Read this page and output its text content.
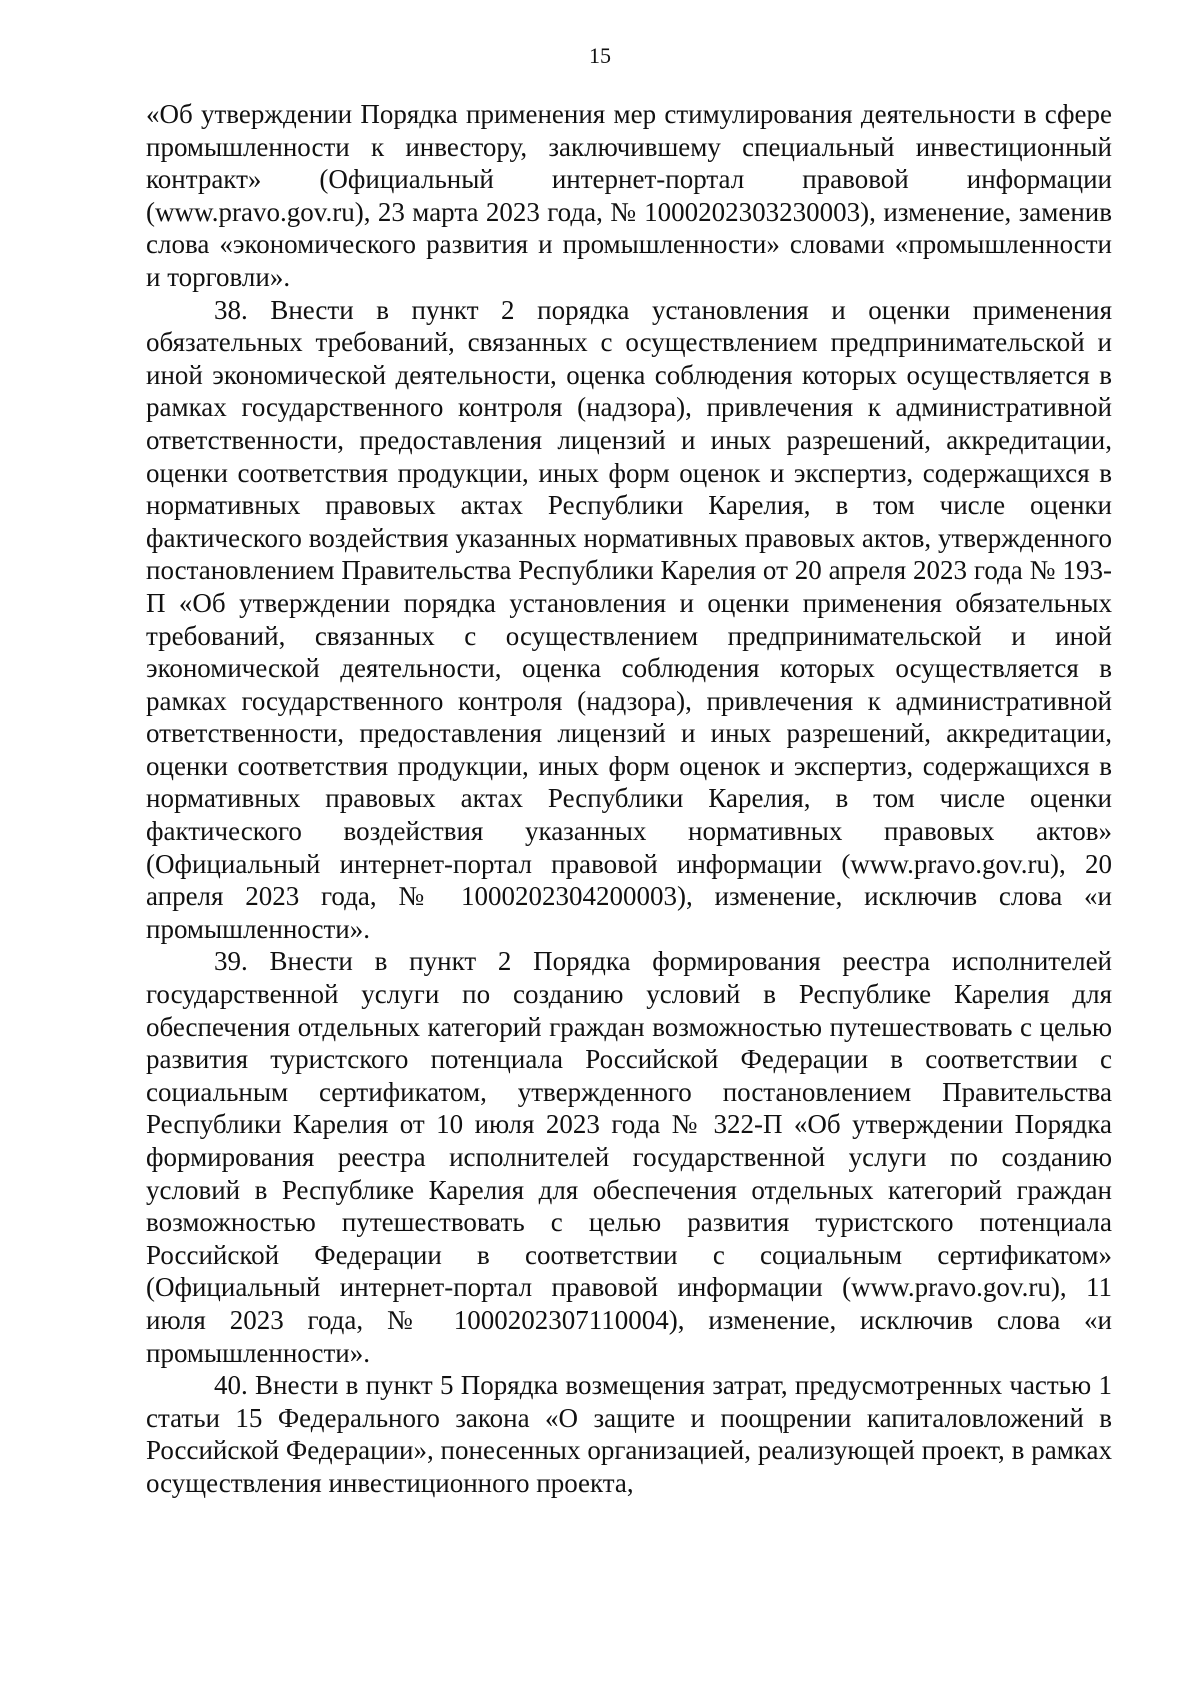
15

«Об утверждении Порядка применения мер стимулирования деятельности в сфере промышленности к инвестору, заключившему специальный инвестиционный контракт» (Официальный интернет-портал правовой информации (www.pravo.gov.ru), 23 марта 2023 года, № 1000202303230003), изменение, заменив слова «экономического развития и промышленности» словами «промышленности и торговли».

38. Внести в пункт 2 порядка установления и оценки применения обязательных требований, связанных с осуществлением предпринимательской и иной экономической деятельности, оценка соблюдения которых осуществляется в рамках государственного контроля (надзора), привлечения к административной ответственности, предоставления лицензий и иных разрешений, аккредитации, оценки соответствия продукции, иных форм оценок и экспертиз, содержащихся в нормативных правовых актах Республики Карелия, в том числе оценки фактического воздействия указанных нормативных правовых актов, утвержденного постановлением Правительства Республики Карелия от 20 апреля 2023 года № 193-П «Об утверждении порядка установления и оценки применения обязательных требований, связанных с осуществлением предпринимательской и иной экономической деятельности, оценка соблюдения которых осуществляется в рамках государственного контроля (надзора), привлечения к административной ответственности, предоставления лицензий и иных разрешений, аккредитации, оценки соответствия продукции, иных форм оценок и экспертиз, содержащихся в нормативных правовых актах Республики Карелия, в том числе оценки фактического воздействия указанных нормативных правовых актов» (Официальный интернет-портал правовой информации (www.pravo.gov.ru), 20 апреля 2023 года, № 1000202304200003), изменение, исключив слова «и промышленности».

39. Внести в пункт 2 Порядка формирования реестра исполнителей государственной услуги по созданию условий в Республике Карелия для обеспечения отдельных категорий граждан возможностью путешествовать с целью развития туристского потенциала Российской Федерации в соответствии с социальным сертификатом, утвержденного постановлением Правительства Республики Карелия от 10 июля 2023 года № 322-П «Об утверждении Порядка формирования реестра исполнителей государственной услуги по созданию условий в Республике Карелия для обеспечения отдельных категорий граждан возможностью путешествовать с целью развития туристского потенциала Российской Федерации в соответствии с социальным сертификатом» (Официальный интернет-портал правовой информации (www.pravo.gov.ru), 11 июля 2023 года, № 1000202307110004), изменение, исключив слова «и промышленности».

40. Внести в пункт 5 Порядка возмещения затрат, предусмотренных частью 1 статьи 15 Федерального закона «О защите и поощрении капиталовложений в Российской Федерации», понесенных организацией, реализующей проект, в рамках осуществления инвестиционного проекта,
